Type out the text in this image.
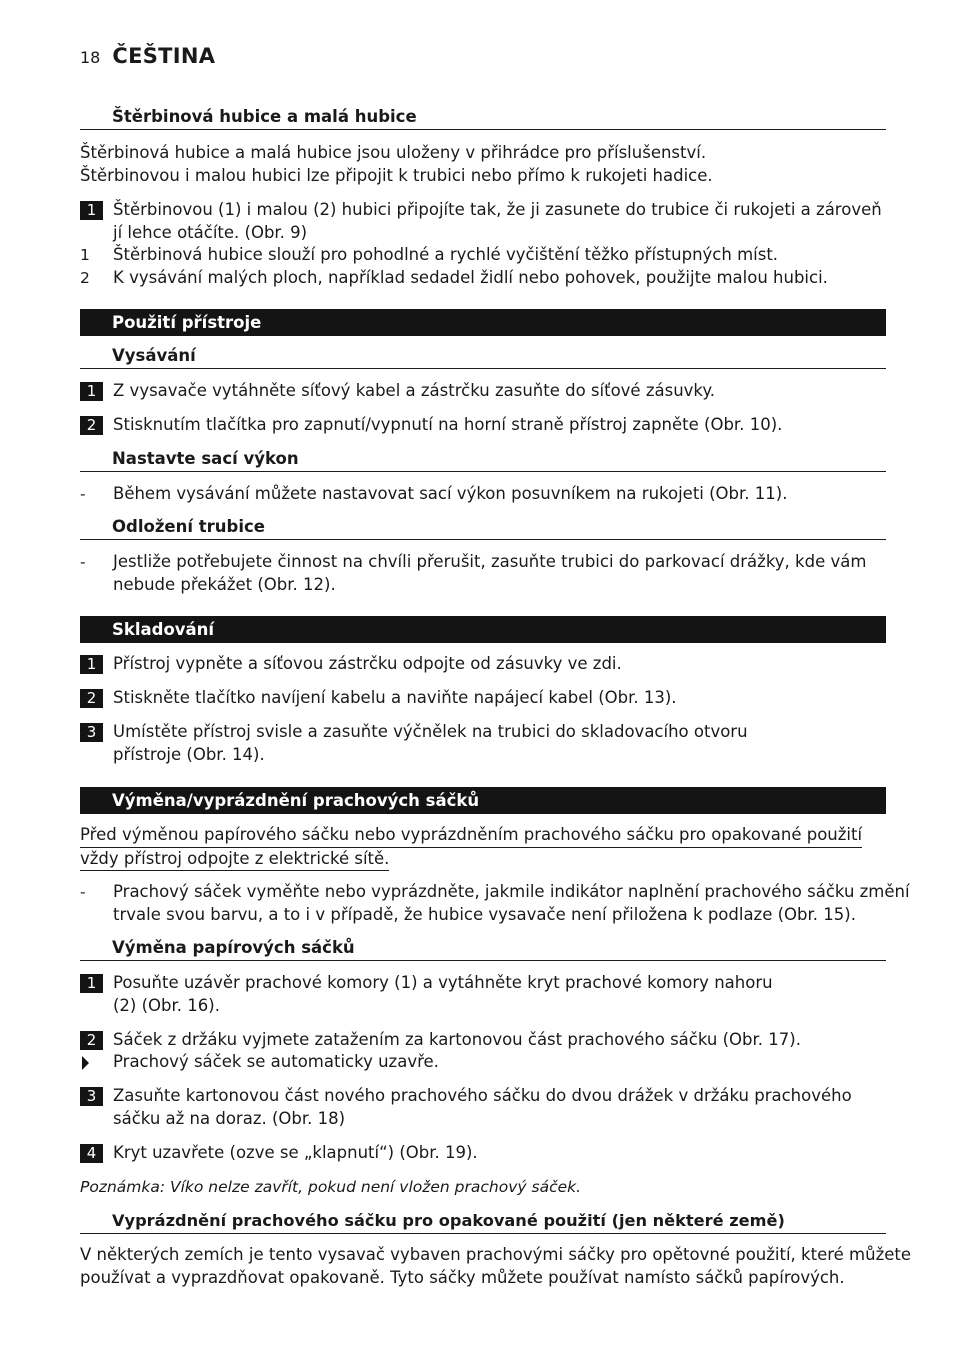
18 ČEŠTINA
Štěrbinová hubice a malá hubice
Štěrbinová hubice a malá hubice jsou uloženy v přihrádce pro příslušenství.
Štěrbinovou i malou hubici lze připojit k trubici nebo přímo k rukojeti hadice.
1	Štěrbinovou (1) i malou (2) hubici připojíte tak, že ji zasunete do trubice či rukojeti a zároveň
jí lehce otáčíte. (Obr. 9)
1	Štěrbinová hubice slouží pro pohodlné a rychlé vyčištění těžko přístupných míst.
2	K vysávání malých ploch, například sedadel židlí nebo pohovek, použijte malou hubici.
Použití přístroje
Vysávání
1	Z vysavače vytáhněte síťový kabel a zástrčku zasuňte do síťové zásuvky.
2	Stisknutím tlačítka pro zapnutí/vypnutí na horní straně přístroj zapněte (Obr. 10).
Nastavte sací výkon
-	Během vysávání můžete nastavovat sací výkon posuvníkem na rukojeti (Obr. 11).
Odložení trubice
-	Jestliže potřebujete činnost na chvíli přerušit, zasuňte trubici do parkovací drážky, kde vám
nebude překážet (Obr. 12).
Skladování
1	Přístroj vypněte a síťovou zástrčku odpojte od zásuvky ve zdi.
2	Stiskněte tlačítko navíjení kabelu a naviňte napájecí kabel (Obr. 13).
3	Umístěte přístroj svisle a zasuňte výčnělek na trubici do skladovacího otvoru
přístroje (Obr. 14).
Výměna/vyprázdnění prachových sáčků
Před výměnou papírového sáčku nebo vyprázdněním prachového sáčku pro opakované použití
vždy přístroj odpojte z elektrické sítě.
-	Prachový sáček vyměňte nebo vyprázdněte, jakmile indikátor naplnění prachového sáčku změní
trvale svou barvu, a to i v případě, že hubice vysavače není přiložena k podlaze (Obr. 15).
Výměna papírových sáčků
1	Posuňte uzávěr prachové komory (1) a vytáhněte kryt prachové komory nahoru
(2) (Obr. 16).
2	Sáček z držáku vyjmete zatažením za kartonovou část prachového sáčku (Obr. 17).
Prachový sáček se automaticky uzavře.
3	Zasuňte kartonovou část nového prachového sáčku do dvou drážek v držáku prachového
sáčku až na doraz. (Obr. 18)
4	Kryt uzavřete (ozve se „klapnutí“) (Obr. 19).
Poznámka: Víko nelze zavřít, pokud není vložen prachový sáček.
Vyprázdnění prachového sáčku pro opakované použití (jen některé země)
V některých zemích je tento vysavač vybaven prachovými sáčky pro opětovné použití, které můžete
používat a vyprazdňovat opakovaně. Tyto sáčky můžete používat namísto sáčků papírových.
